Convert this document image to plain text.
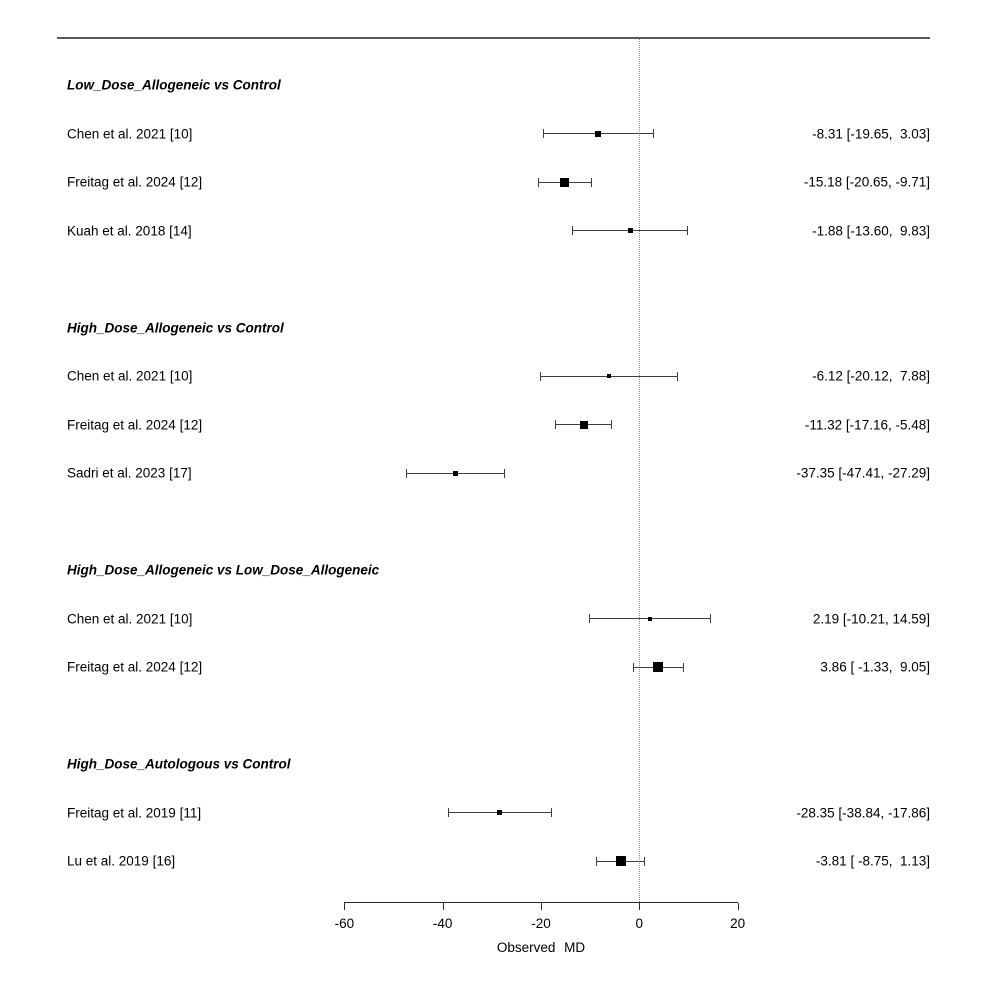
Low_Dose_Allogeneic vs Control
Chen et al. 2021 [10]	-8.31 [-19.65,  3.03]
Freitag et al. 2024 [12]	-15.18 [-20.65, -9.71]
Kuah et al. 2018 [14]	-1.88 [-13.60,  9.83]
High_Dose_Allogeneic vs Control
Chen et al. 2021 [10]	-6.12 [-20.12,  7.88]
Freitag et al. 2024 [12]	-11.32 [-17.16, -5.48]
Sadri et al. 2023 [17]	-37.35 [-47.41, -27.29]
High_Dose_Allogeneic vs Low_Dose_Allogeneic
Chen et al. 2021 [10]	2.19 [-10.21, 14.59]
Freitag et al. 2024 [12]	3.86 [ -1.33,  9.05]
High_Dose_Autologous vs Control
Freitag et al. 2019 [11]	-28.35 [-38.84, -17.86]
Lu et al. 2019 [16]	-3.81 [ -8.75,  1.13]
-60	-40	-20	0	20
Observed MD
